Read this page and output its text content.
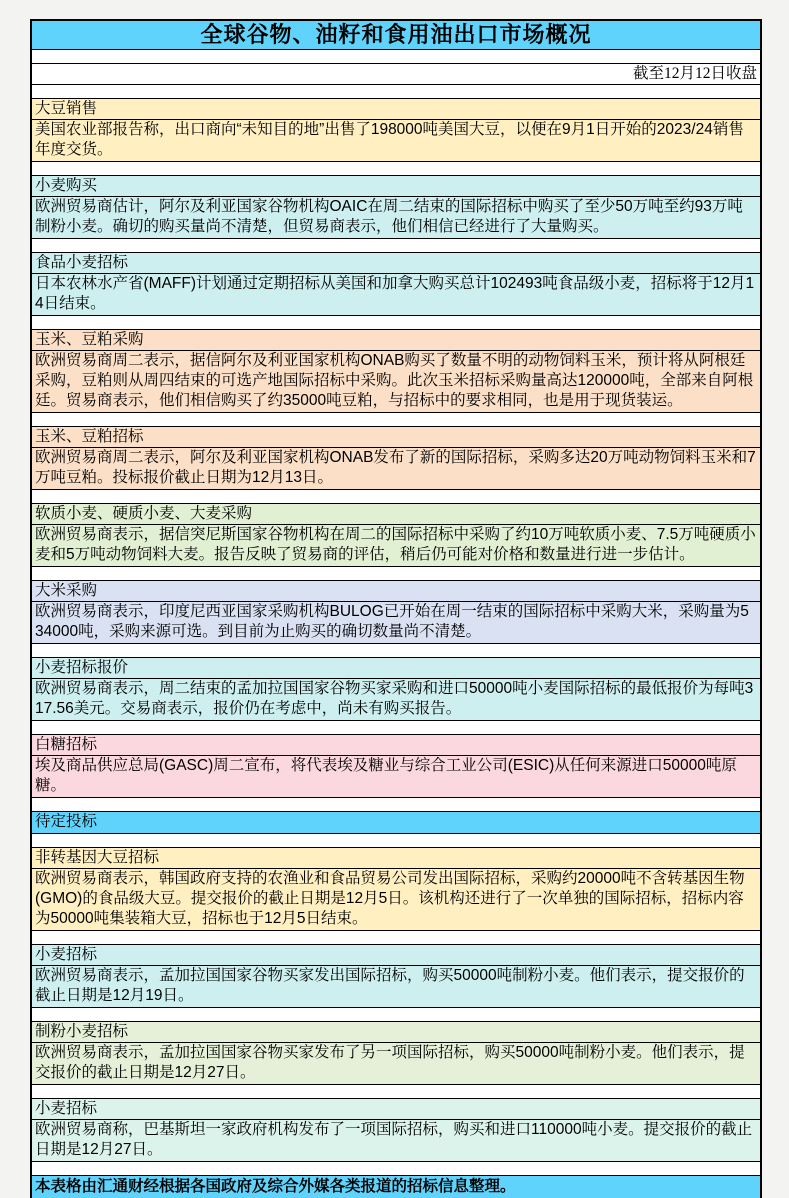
全球谷物、油籽和食用油出口市场概况
截至12月12日收盘
大豆销售
美国农业部报告称，出口商向“未知目的地”出售了198000吨美国大豆，以便在9月1日开始的2023/24销售年度交货。
小麦购买
欧洲贸易商估计，阿尔及利亚国家谷物机构OAIC在周二结束的国际招标中购买了至少50万吨至约93万吨制粉小麦。确切的购买量尚不清楚，但贸易商表示，他们相信已经进行了大量购买。
食品小麦招标
日本农林水产省(MAFF)计划通过定期招标从美国和加拿大购买总计102493吨食品级小麦，招标将于12月14日结束。
玉米、豆粕采购
欧洲贸易商周二表示，据信阿尔及利亚国家机构ONAB购买了数量不明的动物饲料玉米，预计将从阿根廷采购，豆粕则从周四结束的可选产地国际招标中采购。此次玉米招标采购量高达120000吨，全部来自阿根廷。贸易商表示，他们相信购买了约35000吨豆粕，与招标中的要求相同，也是用于现货装运。
玉米、豆粕招标
欧洲贸易商周二表示，阿尔及利亚国家机构ONAB发布了新的国际招标，采购多达20万吨动物饲料玉米和7万吨豆粕。投标报价截止日期为12月13日。
软质小麦、硬质小麦、大麦采购
欧洲贸易商表示，据信突尼斯国家谷物机构在周二的国际招标中采购了约10万吨软质小麦、7.5万吨硬质小麦和5万吨动物饲料大麦。报告反映了贸易商的评估，稍后仍可能对价格和数量进行进一步估计。
大米采购
欧洲贸易商表示，印度尼西亚国家采购机构BULOG已开始在周一结束的国际招标中采购大米，采购量为534000吨，采购来源可选。到目前为止购买的确切数量尚不清楚。
小麦招标报价
欧洲贸易商表示，周二结束的孟加拉国国家谷物买家采购和进口50000吨小麦国际招标的最低报价为每吨317.56美元。交易商表示，报价仍在考虑中，尚未有购买报告。
白糖招标
埃及商品供应总局(GASC)周二宣布，将代表埃及糖业与综合工业公司(ESIC)从任何来源进口50000吨原糖。
待定投标
非转基因大豆招标
欧洲贸易商表示，韩国政府支持的农渔业和食品贸易公司发出国际招标，采购约20000吨不含转基因生物(GMO)的食品级大豆。提交报价的截止日期是12月5日。该机构还进行了一次单独的国际招标，招标内容为50000吨集装箱大豆，招标也于12月5日结束。
小麦招标
欧洲贸易商表示，孟加拉国国家谷物买家发出国际招标，购买50000吨制粉小麦。他们表示，提交报价的截止日期是12月19日。
制粉小麦招标
欧洲贸易商表示，孟加拉国国家谷物买家发布了另一项国际招标，购买50000吨制粉小麦。他们表示，提交报价的截止日期是12月27日。
小麦招标
欧洲贸易商称，巴基斯坦一家政府机构发布了一项国际招标，购买和进口110000吨小麦。提交报价的截止日期是12月27日。
本表格由汇通财经根据各国政府及综合外媒各类报道的招标信息整理。
